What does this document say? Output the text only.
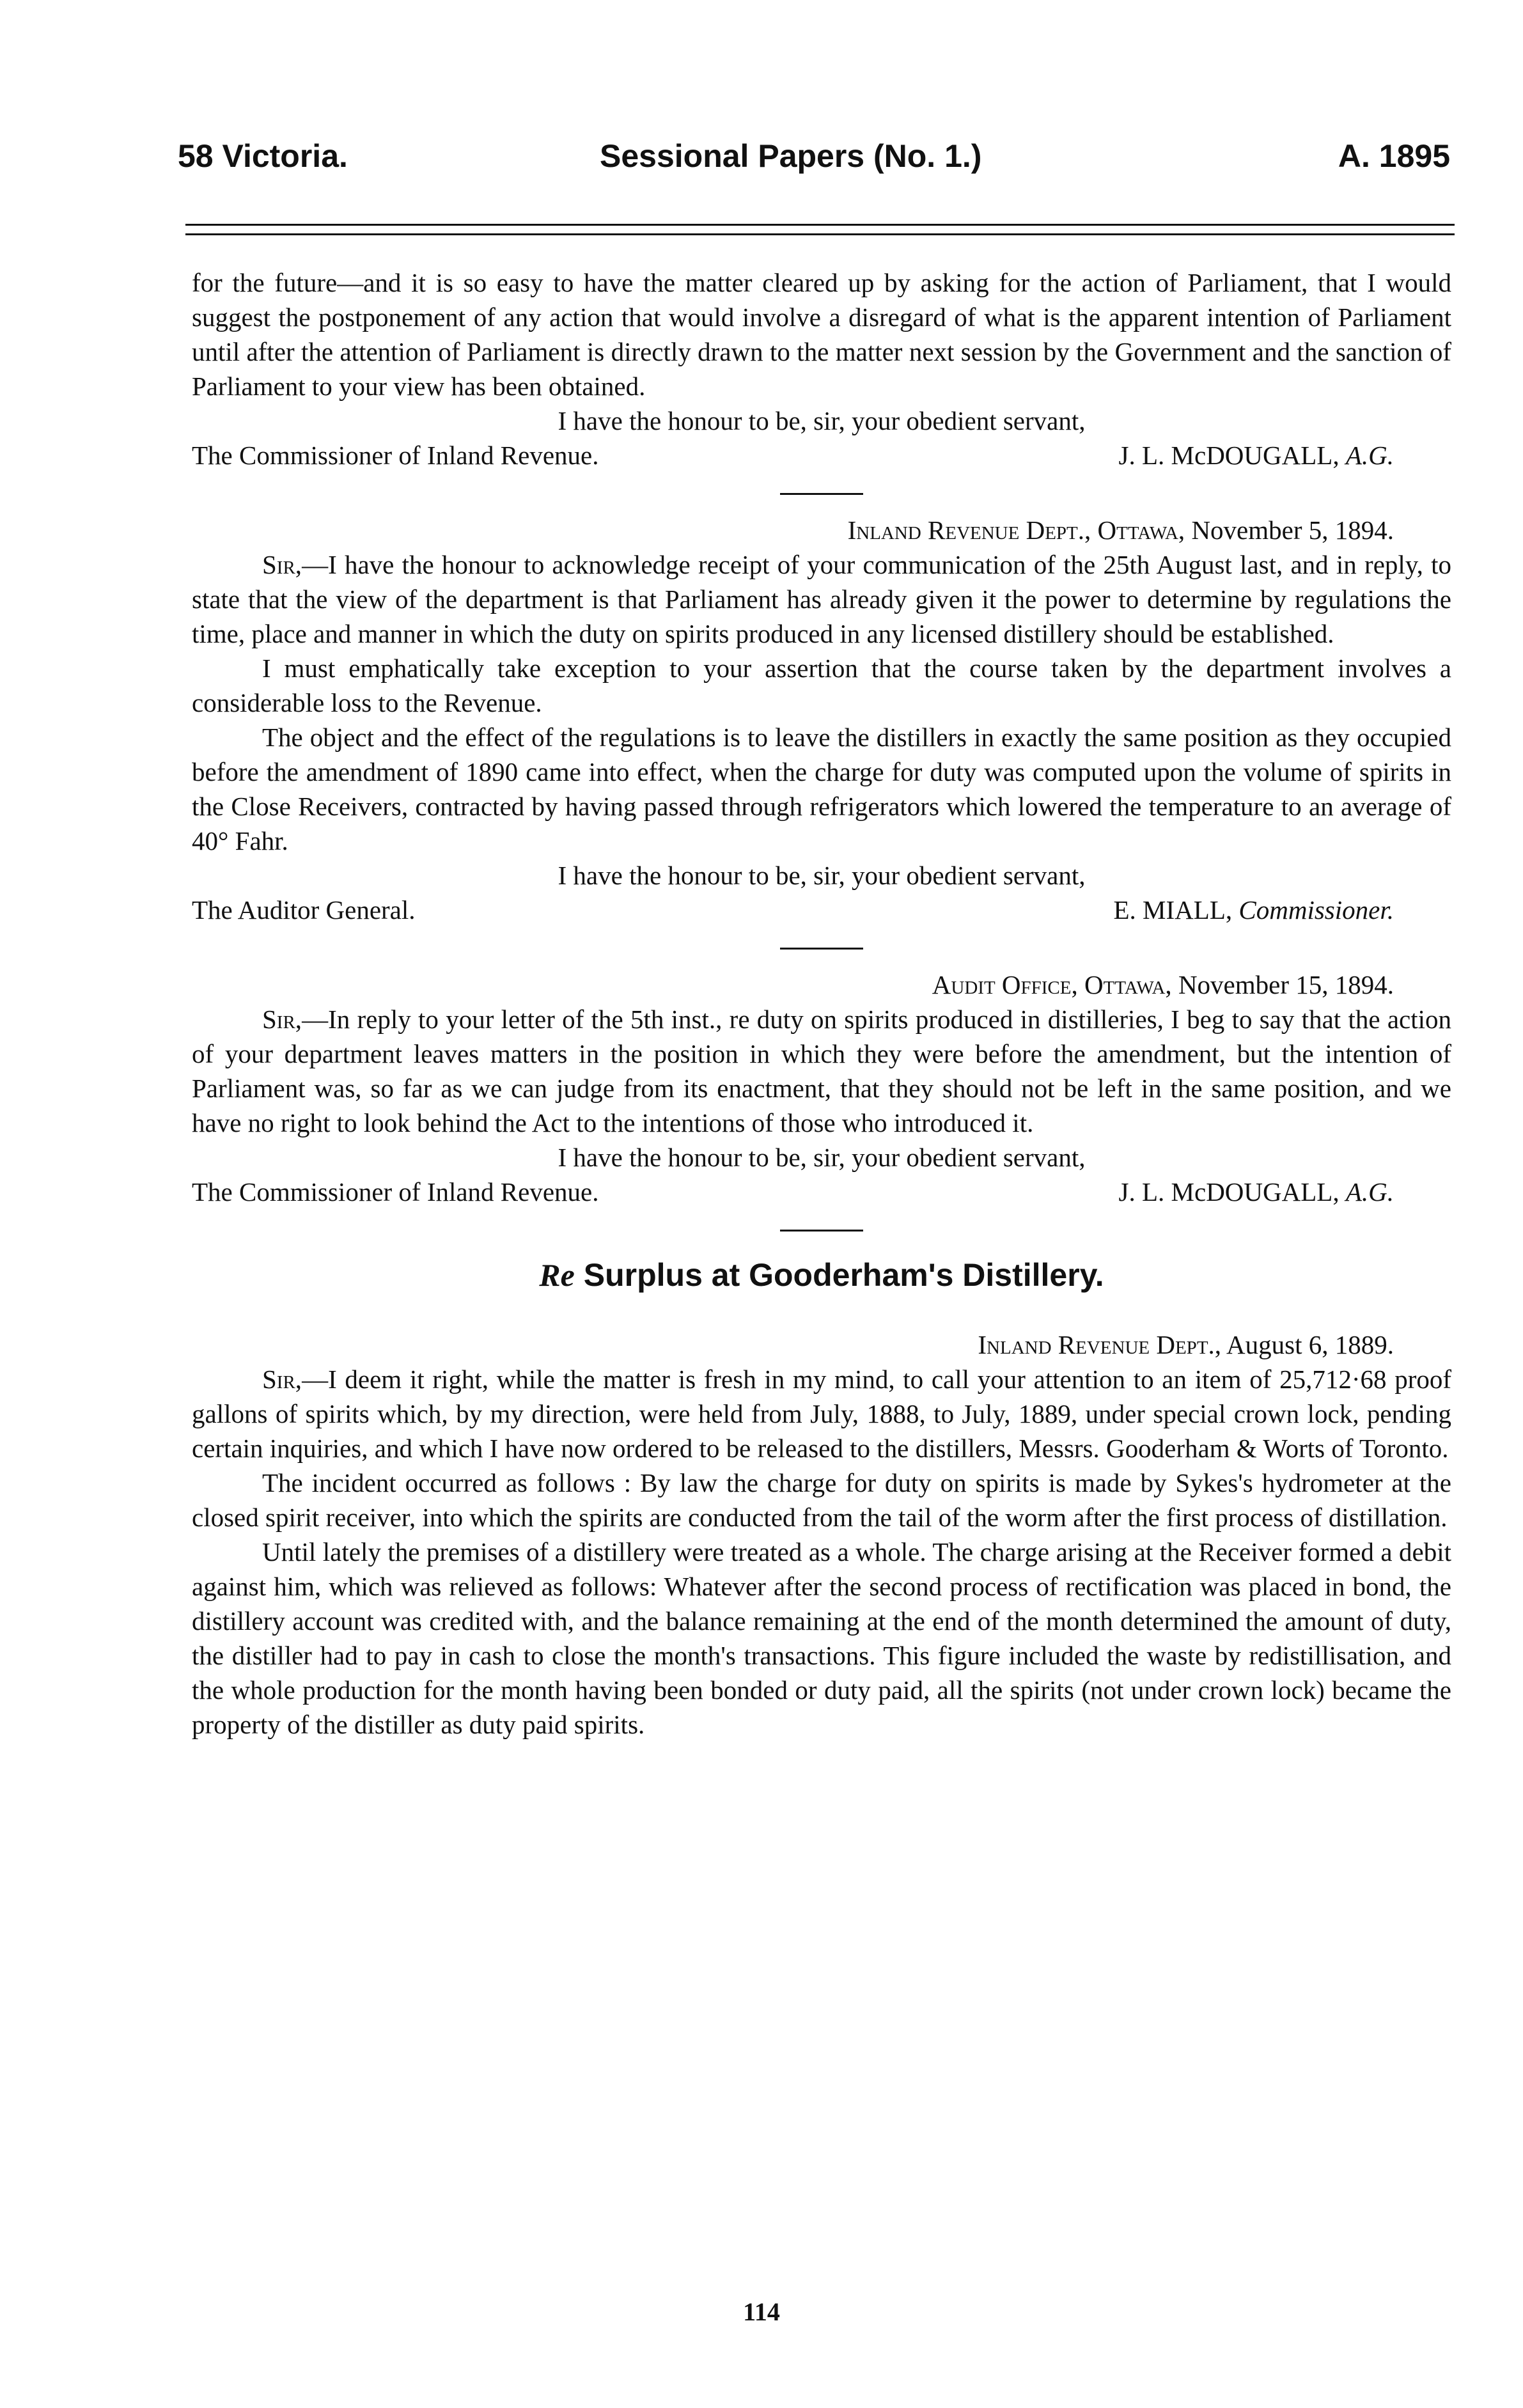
58 Victoria.	Sessional Papers (No. 1.)	A. 1895

for the future—and it is so easy to have the matter cleared up by asking for the action of Parliament, that I would suggest the postponement of any action that would involve a disregard of what is the apparent intention of Parliament until after the attention of Parliament is directly drawn to the matter next session by the Government and the sanction of Parliament to your view has been obtained.

I have the honour to be, sir, your obedient servant,

The Commissioner of Inland Revenue.	J. L. McDOUGALL, A.G.

Inland Revenue Dept., Ottawa, November 5, 1894.

Sir,—I have the honour to acknowledge receipt of your communication of the 25th August last, and in reply, to state that the view of the department is that Parliament has already given it the power to determine by regulations the time, place and manner in which the duty on spirits produced in any licensed distillery should be established.

I must emphatically take exception to your assertion that the course taken by the department involves a considerable loss to the Revenue.

The object and the effect of the regulations is to leave the distillers in exactly the same position as they occupied before the amendment of 1890 came into effect, when the charge for duty was computed upon the volume of spirits in the Close Receivers, contracted by having passed through refrigerators which lowered the temperature to an average of 40° Fahr.

I have the honour to be, sir, your obedient servant,

The Auditor General.	E. MIALL, Commissioner.

Audit Office, Ottawa, November 15, 1894.

Sir,—In reply to your letter of the 5th inst., re duty on spirits produced in distilleries, I beg to say that the action of your department leaves matters in the position in which they were before the amendment, but the intention of Parliament was, so far as we can judge from its enactment, that they should not be left in the same position, and we have no right to look behind the Act to the intentions of those who introduced it.

I have the honour to be, sir, your obedient servant,

The Commissioner of Inland Revenue.	J. L. McDOUGALL, A.G.
Re Surplus at Gooderham's Distillery.

Inland Revenue Dept., August 6, 1889.

Sir,—I deem it right, while the matter is fresh in my mind, to call your attention to an item of 25,712·68 proof gallons of spirits which, by my direction, were held from July, 1888, to July, 1889, under special crown lock, pending certain inquiries, and which I have now ordered to be released to the distillers, Messrs. Gooderham & Worts of Toronto.

The incident occurred as follows : By law the charge for duty on spirits is made by Sykes's hydrometer at the closed spirit receiver, into which the spirits are conducted from the tail of the worm after the first process of distillation.

Until lately the premises of a distillery were treated as a whole. The charge arising at the Receiver formed a debit against him, which was relieved as follows: Whatever after the second process of rectification was placed in bond, the distillery account was credited with, and the balance remaining at the end of the month determined the amount of duty, the distiller had to pay in cash to close the month's transactions. This figure included the waste by redistillisation, and the whole production for the month having been bonded or duty paid, all the spirits (not under crown lock) became the property of the distiller as duty paid spirits.

114
